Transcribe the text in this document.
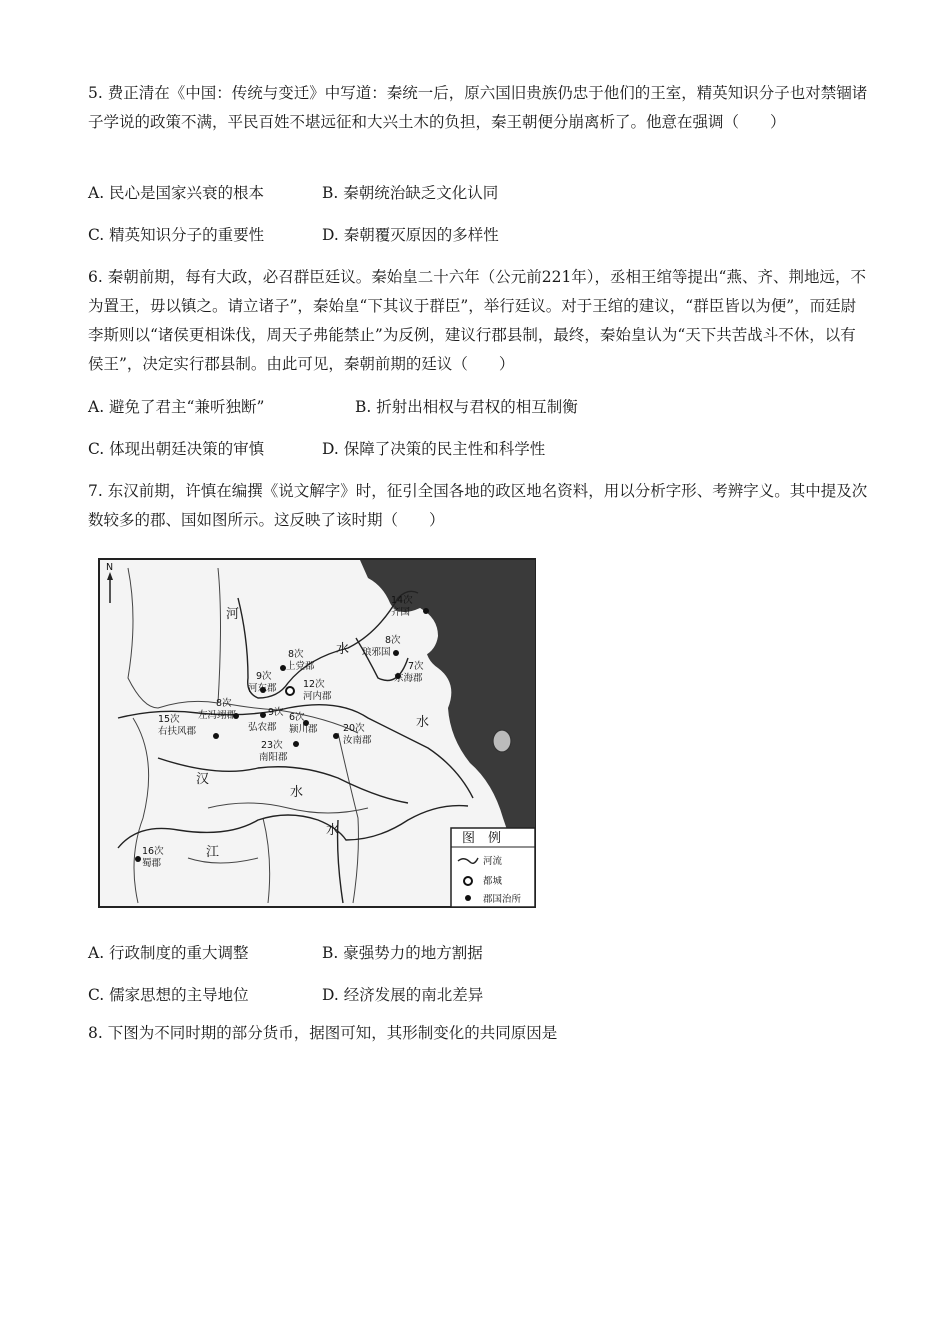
5. 费正清在《中国：传统与变迁》中写道：秦统一后，原六国旧贵族仍忠于他们的王室，精英知识分子也对禁锢诸子学说的政策不满，平民百姓不堪远征和大兴土木的负担，秦王朝便分崩离析了。他意在强调（　　）
A. 民心是国家兴衰的根本	B. 秦朝统治缺乏文化认同
C. 精英知识分子的重要性	D. 秦朝覆灭原因的多样性
6. 秦朝前期，每有大政，必召群臣廷议。秦始皇二十六年（公元前221年），丞相王绾等提出“燕、齐、荆地远，不为置王，毋以镇之。请立诸子”，秦始皇“下其议于群臣”，举行廷议。对于王绾的建议，“群臣皆以为便”，而廷尉李斯则以“诸侯更相诛伐，周天子弗能禁止”为反例，建议行郡县制，最终，秦始皇认为“天下共苦战斗不休，以有侯王”，决定实行郡县制。由此可见，秦朝前期的廷议（　　）
A. 避免了君主“兼听独断”	B. 折射出相权与君权的相互制衡
C. 体现出朝廷决策的审慎	D. 保障了决策的民主性和科学性
7. 东汉前期，许慎在编撰《说文解字》时，征引全国各地的政区地名资料，用以分析字形、考辨字义。其中提及次数较多的郡、国如图所示。这反映了该时期（　　）
N
河
水
水
汉
水
江
水
14次
齐国
8次
琅邪国
7次
东海郡
8次
上党郡
9次
河东郡	12次
河内郡
8次
左冯翊郡
15次
右扶风郡
9次
弘农郡
6次
颍川郡	20次
汝南郡
23次
南阳郡
16次
蜀郡
图　例
河流
都城
郡国治所
A. 行政制度的重大调整	B. 豪强势力的地方割据
C. 儒家思想的主导地位	D. 经济发展的南北差异
8. 下图为不同时期的部分货币，据图可知，其形制变化的共同原因是
